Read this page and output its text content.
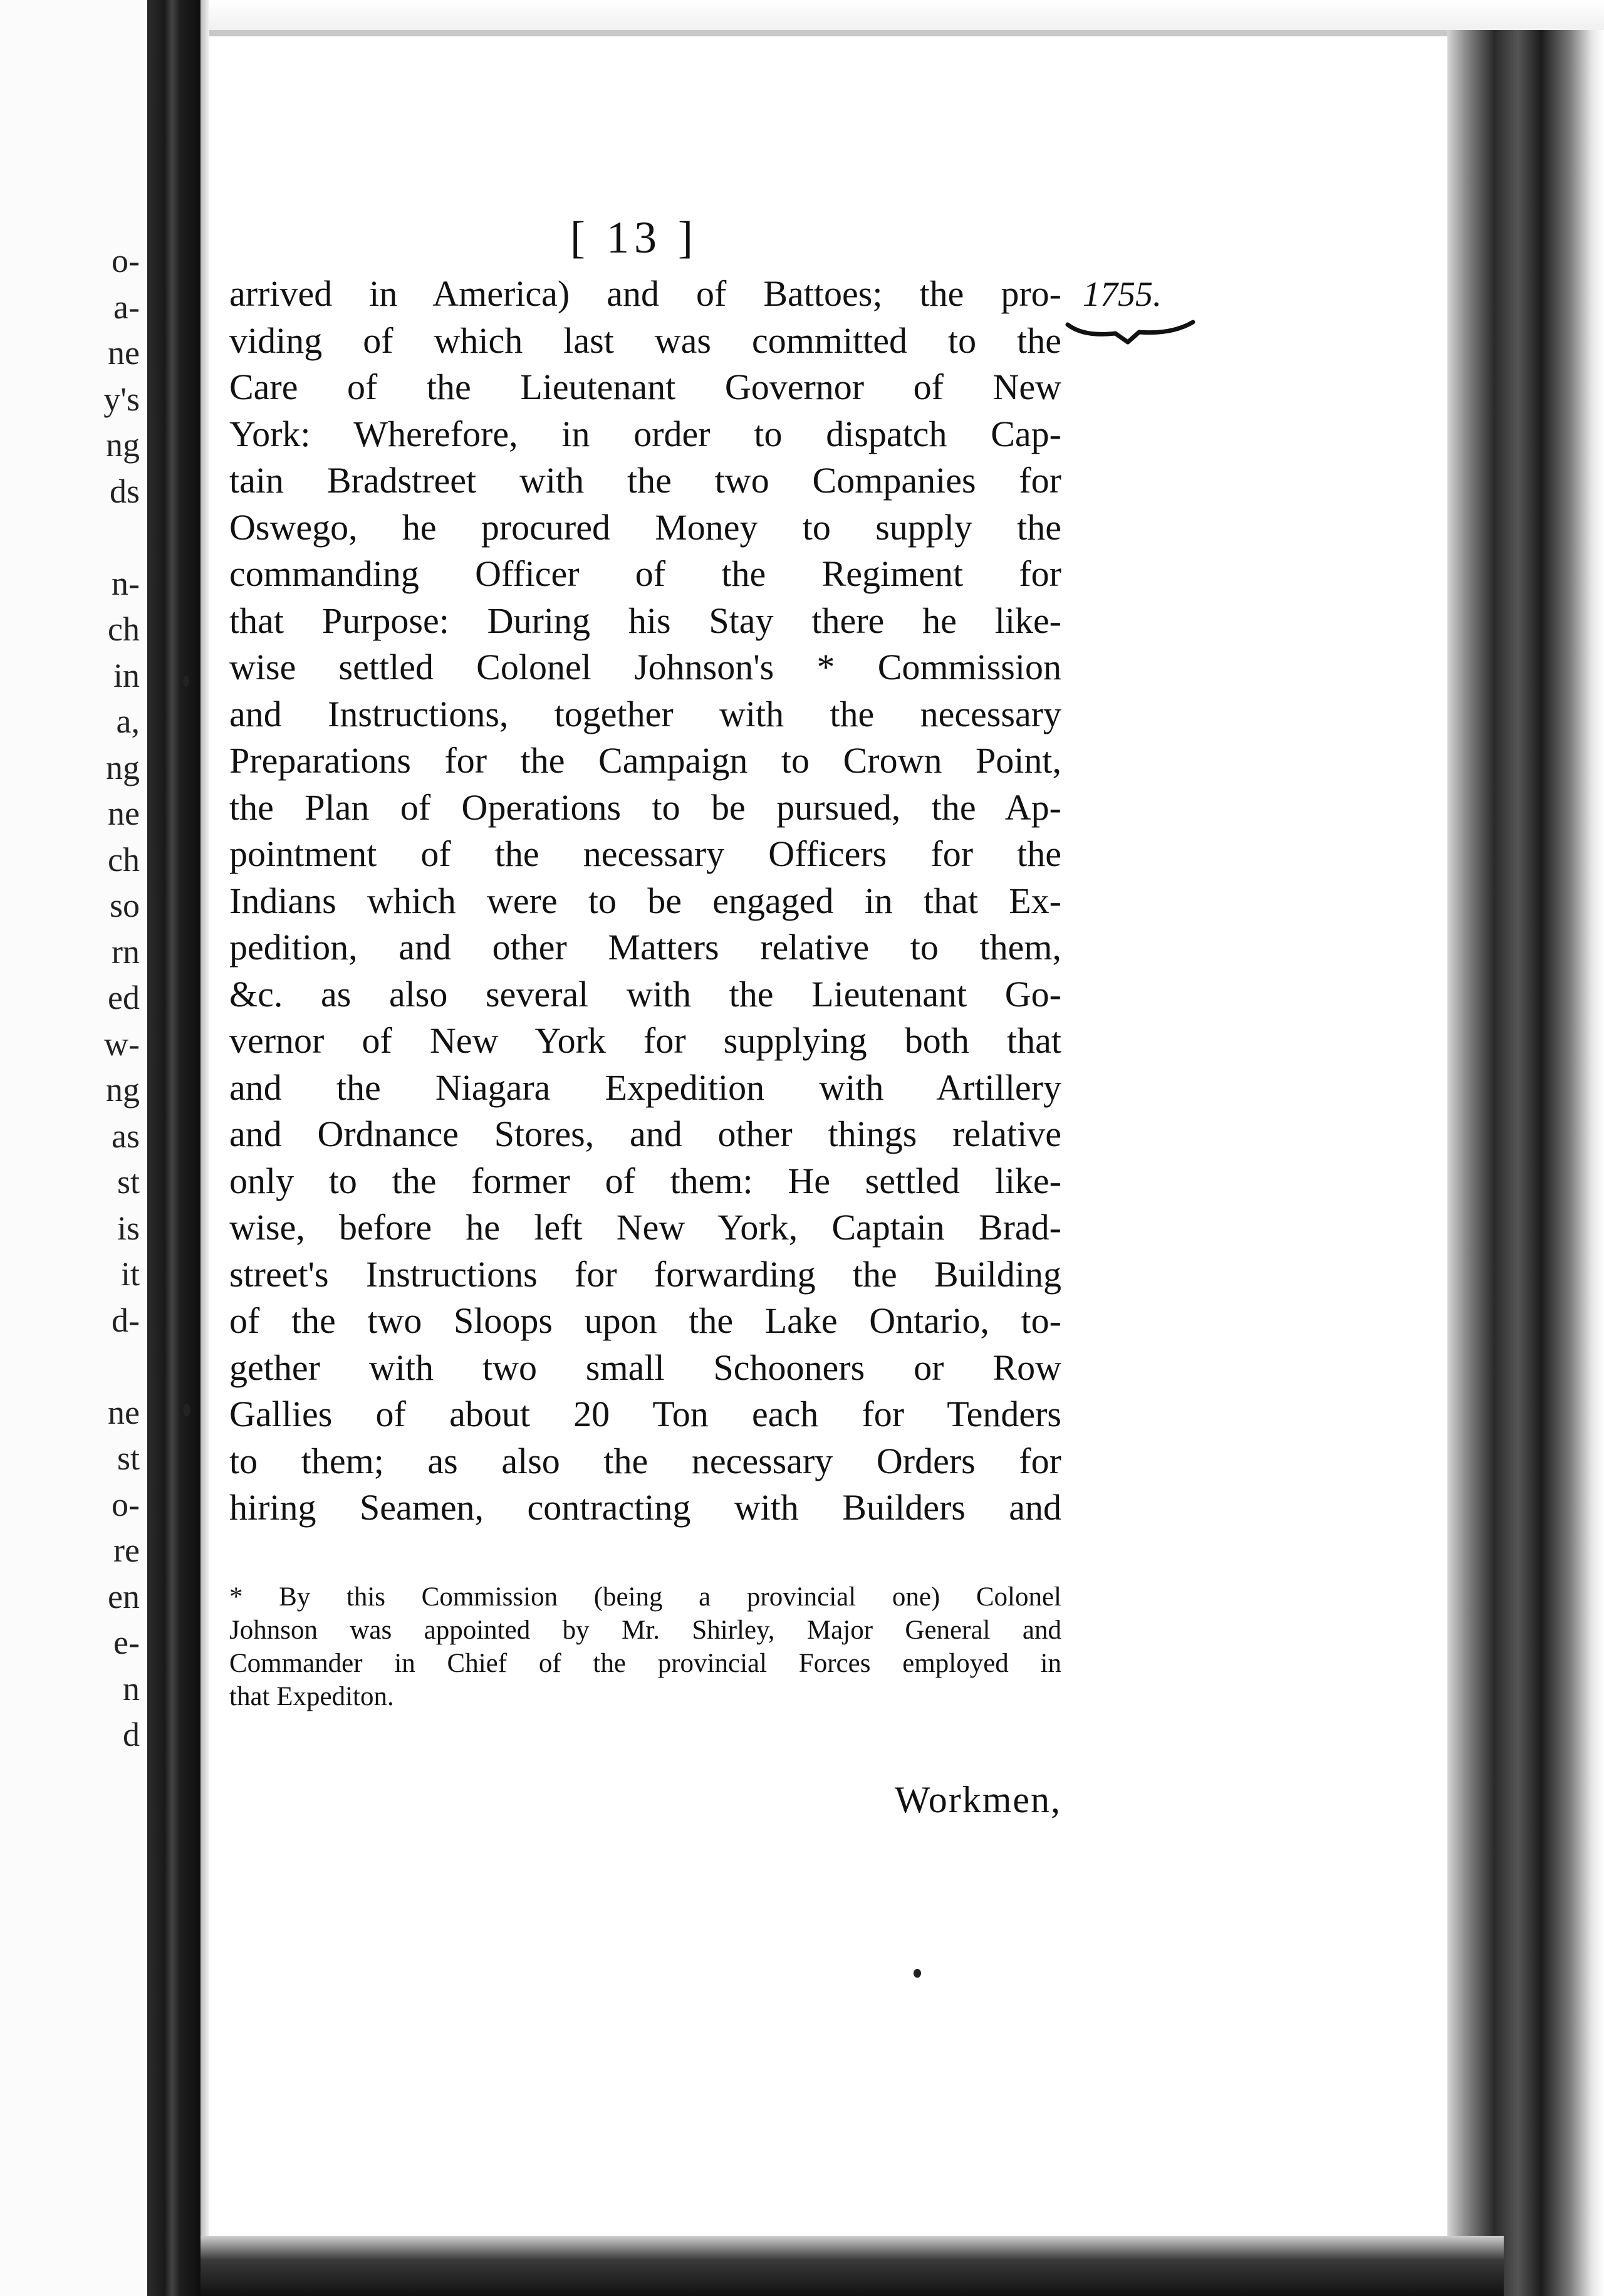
o-
a-
ne
y's
ng
ds

n-
ch
in
a,
ng
ne
ch
so
rn
ed
w-
ng
as
st
is
it
d-

ne
st
o-
re
en
e-
n
d
[ 13 ]
1755.
arrived in America) and of Battoes; the pro-
viding of which last was committed to the
Care of the Lieutenant Governor of New
York: Wherefore, in order to dispatch Cap-
tain Bradstreet with the two Companies for
Oswego, he procured Money to supply the
commanding Officer of the Regiment for
that Purpose: During his Stay there he like-
wise settled Colonel Johnson's * Commission
and Instructions, together with the necessary
Preparations for the Campaign to Crown Point,
the Plan of Operations to be pursued, the Ap-
pointment of the necessary Officers for the
Indians which were to be engaged in that Ex-
pedition, and other Matters relative to them,
&c. as also several with the Lieutenant Go-
vernor of New York for supplying both that
and the Niagara Expedition with Artillery
and Ordnance Stores, and other things relative
only to the former of them: He settled like-
wise, before he left New York, Captain Brad-
street's Instructions for forwarding the Building
of the two Sloops upon the Lake Ontario, to-
gether with two small Schooners or Row
Gallies of about 20 Ton each for Tenders
to them; as also the necessary Orders for
hiring Seamen, contracting with Builders and
* By this Commission (being a provincial one) Colonel
Johnson was appointed by Mr. Shirley, Major General and
Commander in Chief of the provincial Forces employed in
that Expediton.
Workmen,
